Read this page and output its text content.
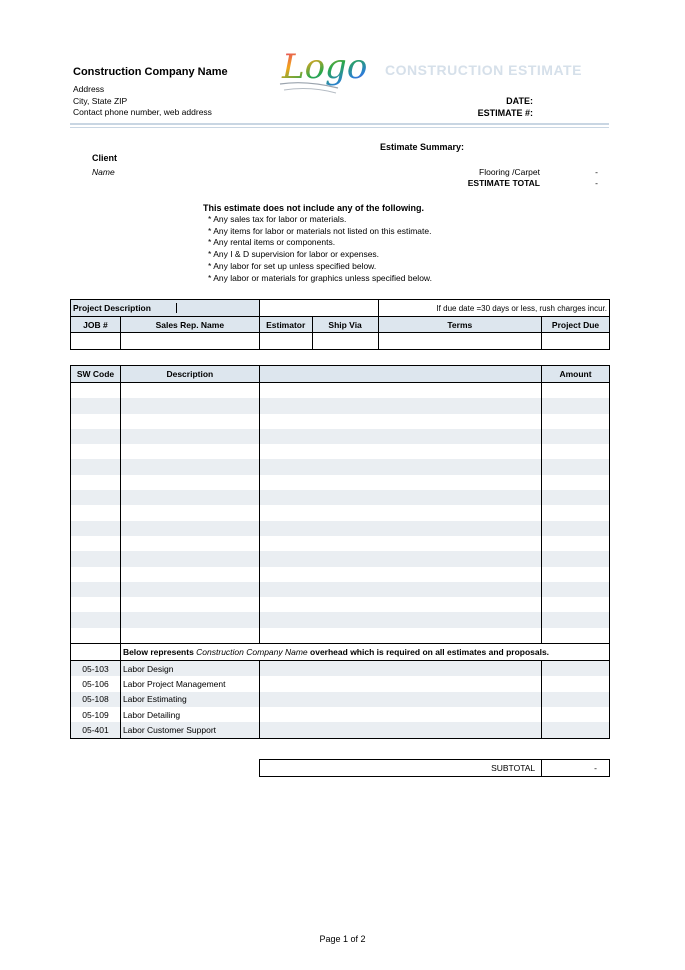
Construction Company Name
Address
City, State ZIP
Contact phone number, web address
Logo CONSTRUCTION ESTIMATE
DATE:
ESTIMATE #:
Client
Name
Estimate Summary:
Flooring /Carpet	-
ESTIMATE TOTAL	-
This estimate does not include any of the following.
* Any sales tax for labor or materials.
* Any items for labor or materials not listed on this estimate.
* Any rental items or components.
* Any I & D supervision for labor or expenses.
* Any labor for set up unless specified below.
* Any labor or materials for graphics unless specified below.
Project Description				If due date =30 days or less, rush charges incur.	
JOB #	Sales Rep. Name	Estimator	Ship Via	Terms	Project Due

SW Code	Description		Amount

	Below represents Construction Company Name overhead which is required on all estimates and proposals.		
05-103	Labor Design		
05-106	Labor Project Management		
05-108	Labor Estimating		
05-109	Labor Detailing		
05-401	Labor Customer Support		
SUBTOTAL	-
Page 1 of 2
